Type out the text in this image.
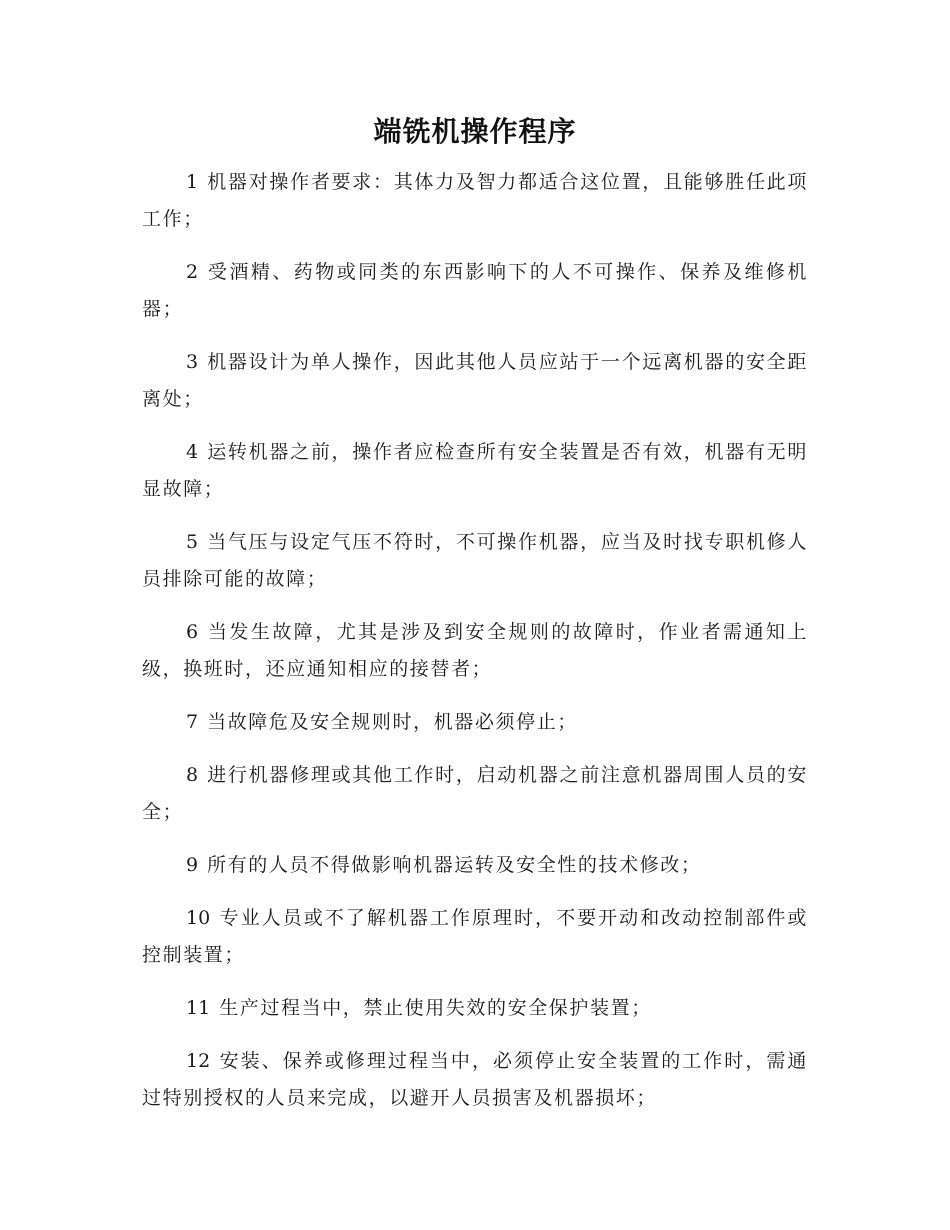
端铣机操作程序

1 机器对操作者要求：其体力及智力都适合这位置，且能够胜任此项工作；

2 受酒精、药物或同类的东西影响下的人不可操作、保养及维修机器；

3 机器设计为单人操作，因此其他人员应站于一个远离机器的安全距离处；

4 运转机器之前，操作者应检查所有安全装置是否有效，机器有无明显故障；

5 当气压与设定气压不符时，不可操作机器，应当及时找专职机修人员排除可能的故障；

6 当发生故障，尤其是涉及到安全规则的故障时，作业者需通知上级，换班时，还应通知相应的接替者；

7 当故障危及安全规则时，机器必须停止；

8 进行机器修理或其他工作时，启动机器之前注意机器周围人员的安全；

9 所有的人员不得做影响机器运转及安全性的技术修改；

10 专业人员或不了解机器工作原理时，不要开动和改动控制部件或控制装置；

11 生产过程当中，禁止使用失效的安全保护装置；

12 安装、保养或修理过程当中，必须停止安全装置的工作时，需通过特别授权的人员来完成，以避开人员损害及机器损坏；
